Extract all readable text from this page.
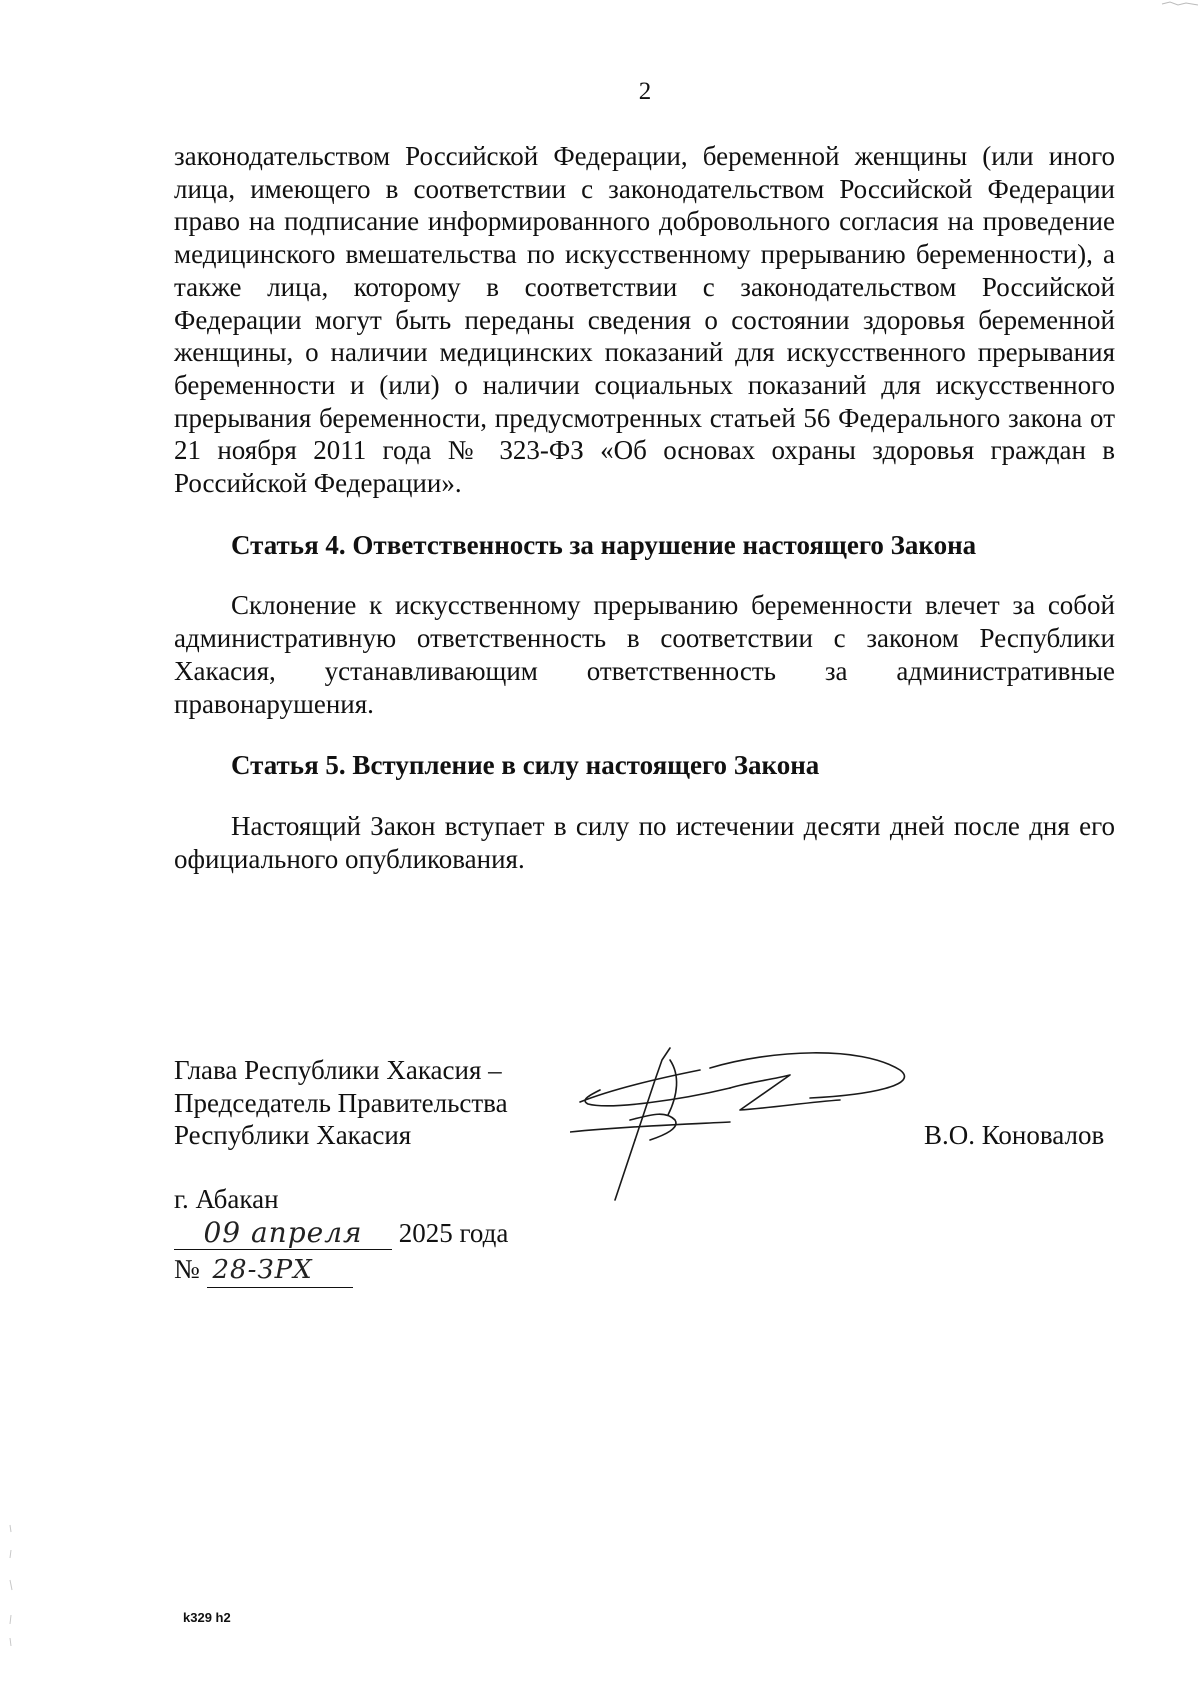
2

законодательством Российской Федерации, беременной женщины (или иного лица, имеющего в соответствии с законодательством Российской Федерации право на подписание информированного добровольного согласия на проведение медицинского вмешательства по искусственному прерыванию беременности), а также лица, которому в соответствии с законодательством Российской Федерации могут быть переданы сведения о состоянии здоровья беременной женщины, о наличии медицинских показаний для искусственного прерывания беременности и (или) о наличии социальных показаний для искусственного прерывания беременности, предусмотренных статьей 56 Федерального закона от 21 ноября 2011 года № 323-ФЗ «Об основах охраны здоровья граждан в Российской Федерации».

Статья 4. Ответственность за нарушение настоящего Закона

Склонение к искусственному прерыванию беременности влечет за собой административную ответственность в соответствии с законом Республики Хакасия, устанавливающим ответственность за административные правонарушения.

Статья 5. Вступление в силу настоящего Закона

Настоящий Закон вступает в силу по истечении десяти дней после дня его официального опубликования.

Глава Республики Хакасия –
Председатель Правительства
Республики Хакасия	В.О. Коновалов
г. Абакан
09 апреля 2025 года
№ 28-ЗРХ
k329 h2
